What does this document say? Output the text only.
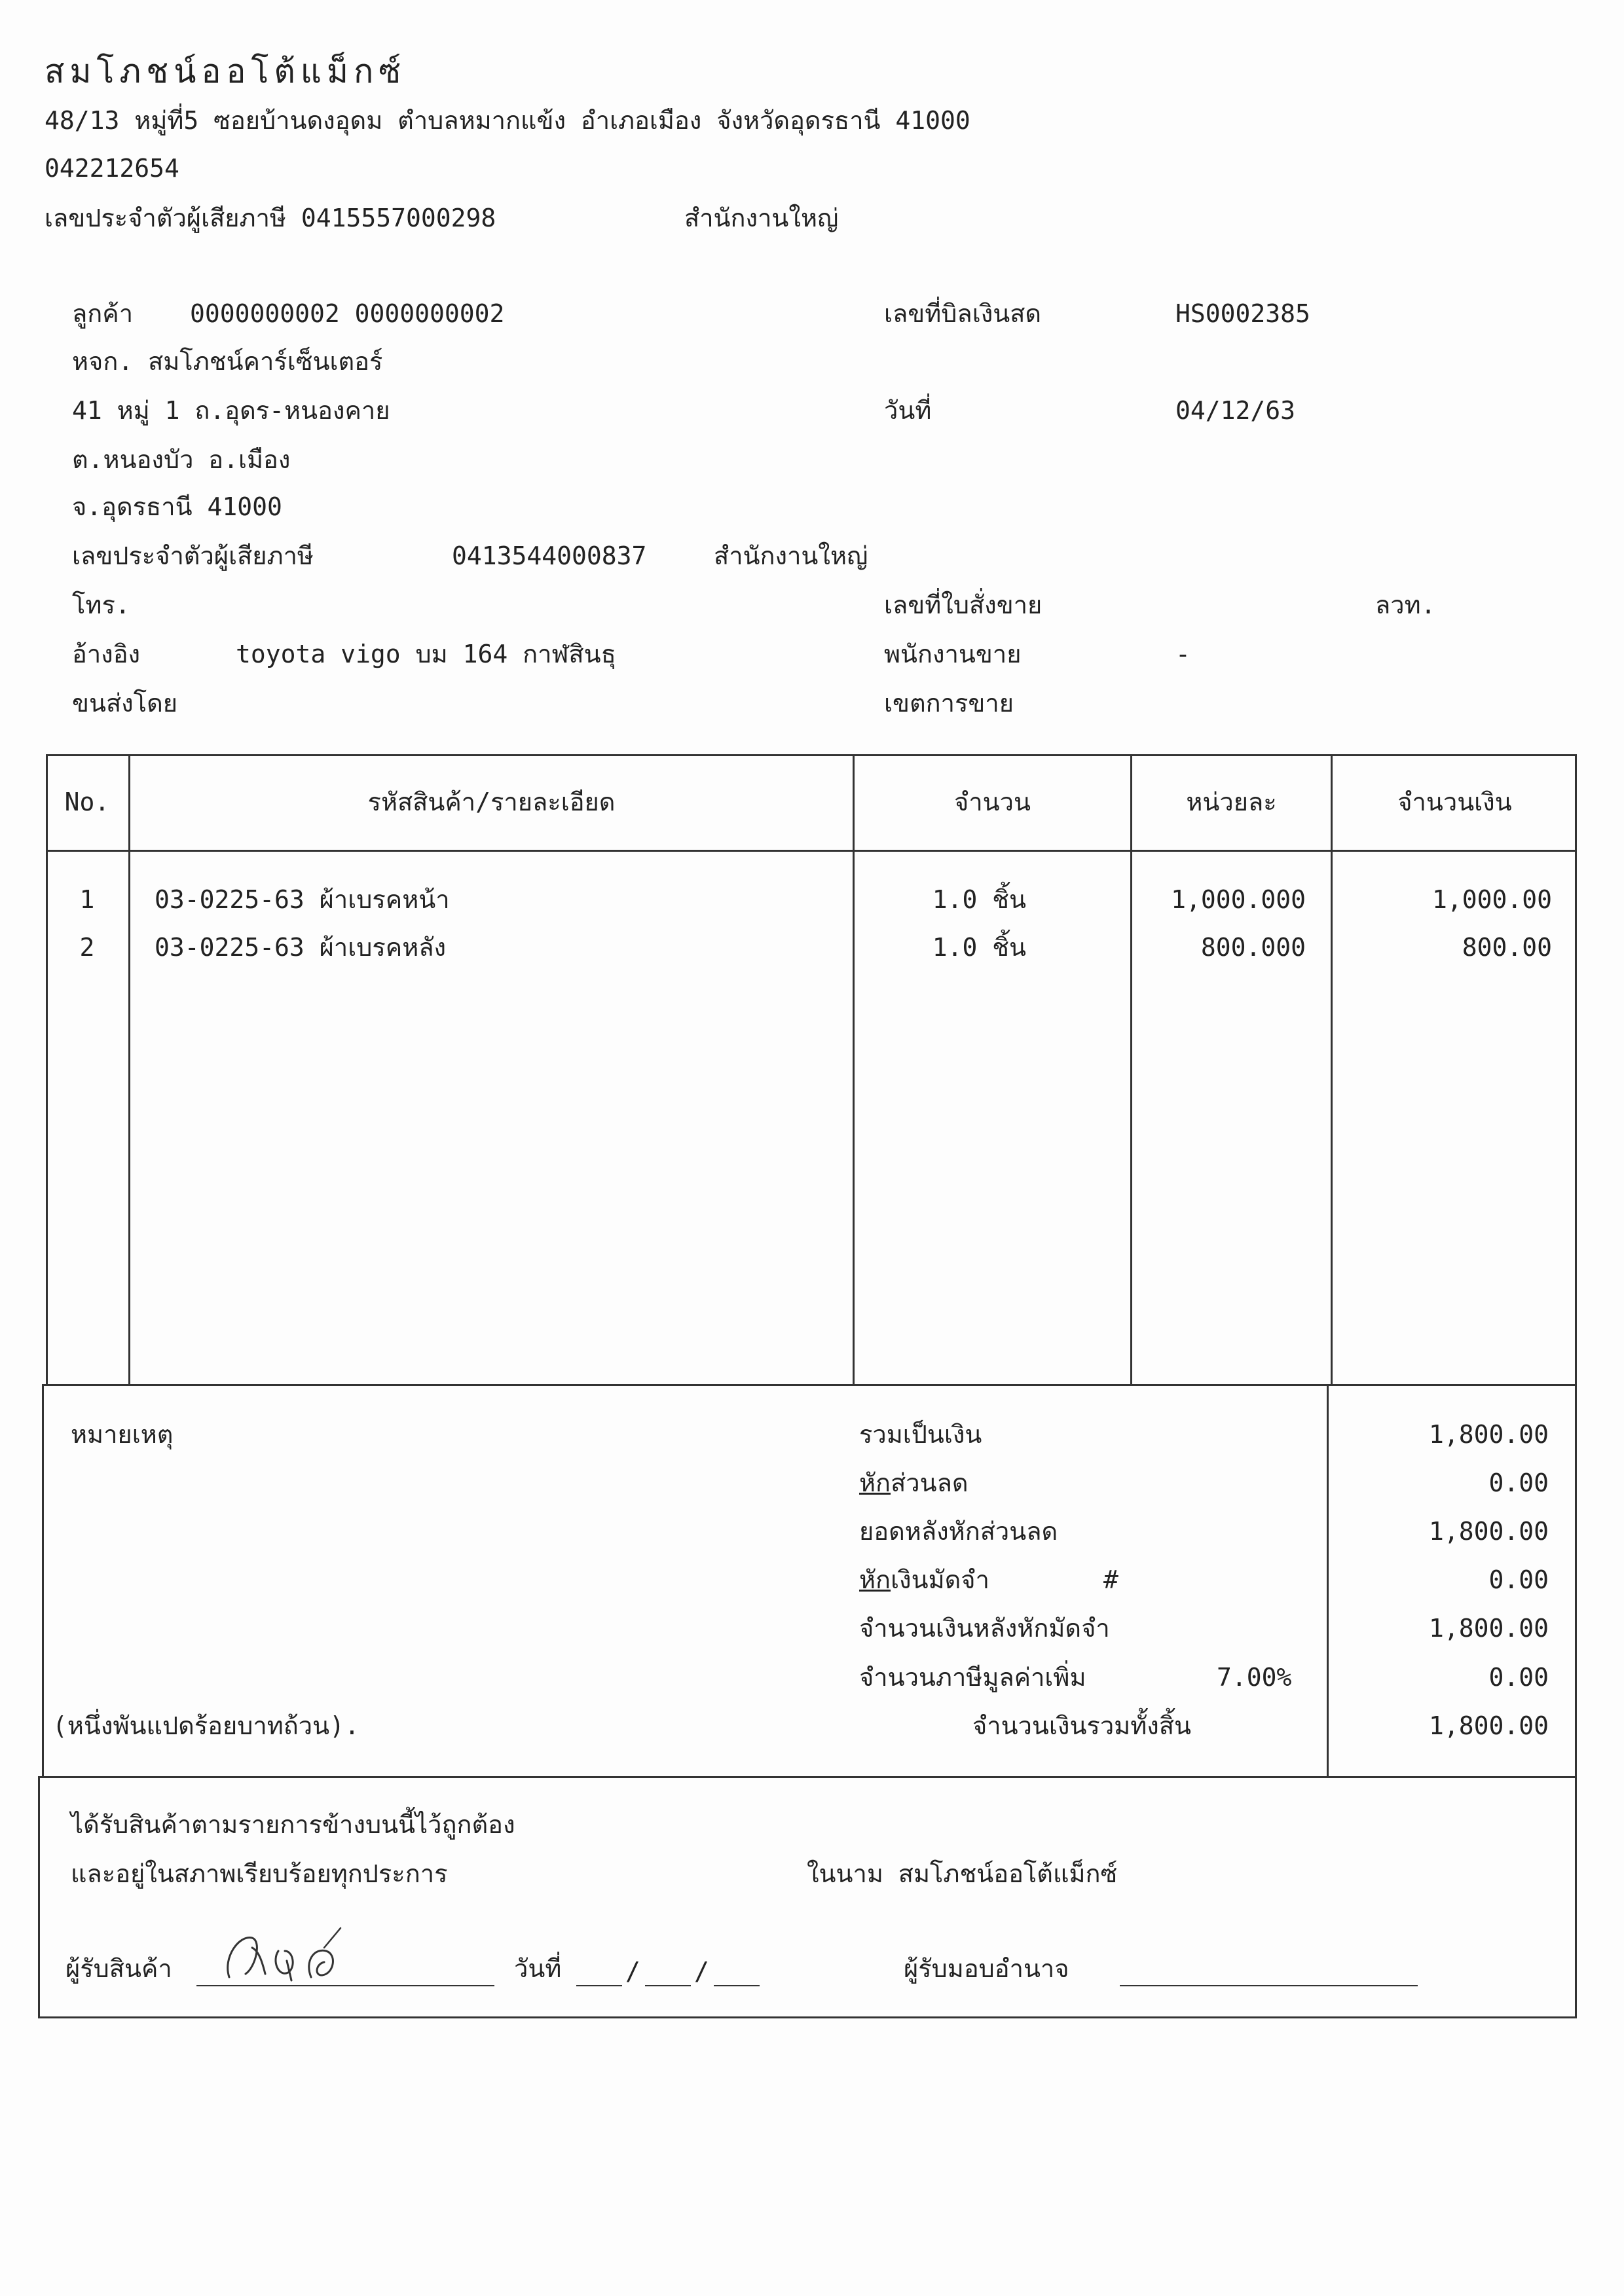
สมโภชน์ออโต้แม็กซ์
48/13 หมู่ที่5 ซอยบ้านดงอุดม ตำบลหมากแข้ง อำเภอเมือง จังหวัดอุดรธานี 41000
042212654
เลขประจำตัวผู้เสียภาษี 0415557000298	สำนักงานใหญ่
ลูกค้า 0000000002 0000000002
หจก. สมโภชน์คาร์เซ็นเตอร์
41 หมู่ 1 ถ.อุดร-หนองคาย
ต.หนองบัว อ.เมือง
จ.อุดรธานี 41000
เลขประจำตัวผู้เสียภาษี	0413544000837	สำนักงานใหญ่
โทร.
อ้างอิง	toyota vigo บม 164 กาฬสินธุ
ขนส่งโดย
เลขที่บิลเงินสด	HS0002385
วันที่	04/12/63
เลขที่ใบสั่งขาย	ลวท.
พนักงานขาย	-
เขตการขาย
No.	รหัสสินค้า/รายละเอียด	จำนวน	หน่วยละ	จำนวนเงิน
1	03-0225-63 ผ้าเบรคหน้า	1.0 ชิ้น	1,000.000	1,000.00
2	03-0225-63 ผ้าเบรคหลัง	1.0 ชิ้น	800.000	800.00
หมายเหตุ	รวมเป็นเงิน	1,800.00
หักส่วนลด	0.00
ยอดหลังหักส่วนลด	1,800.00
หักเงินมัดจำ	#	0.00
จำนวนเงินหลังหักมัดจำ	1,800.00
จำนวนภาษีมูลค่าเพิ่ม	7.00%	0.00
(หนึ่งพันแปดร้อยบาทถ้วน).	จำนวนเงินรวมทั้งสิ้น	1,800.00
ได้รับสินค้าตามรายการข้างบนนี้ไว้ถูกต้อง
และอยู่ในสภาพเรียบร้อยทุกประการ	ในนาม สมโภชน์ออโต้แม็กซ์
ผู้รับสินค้า	วันที่	/ /	ผู้รับมอบอำนาจ
